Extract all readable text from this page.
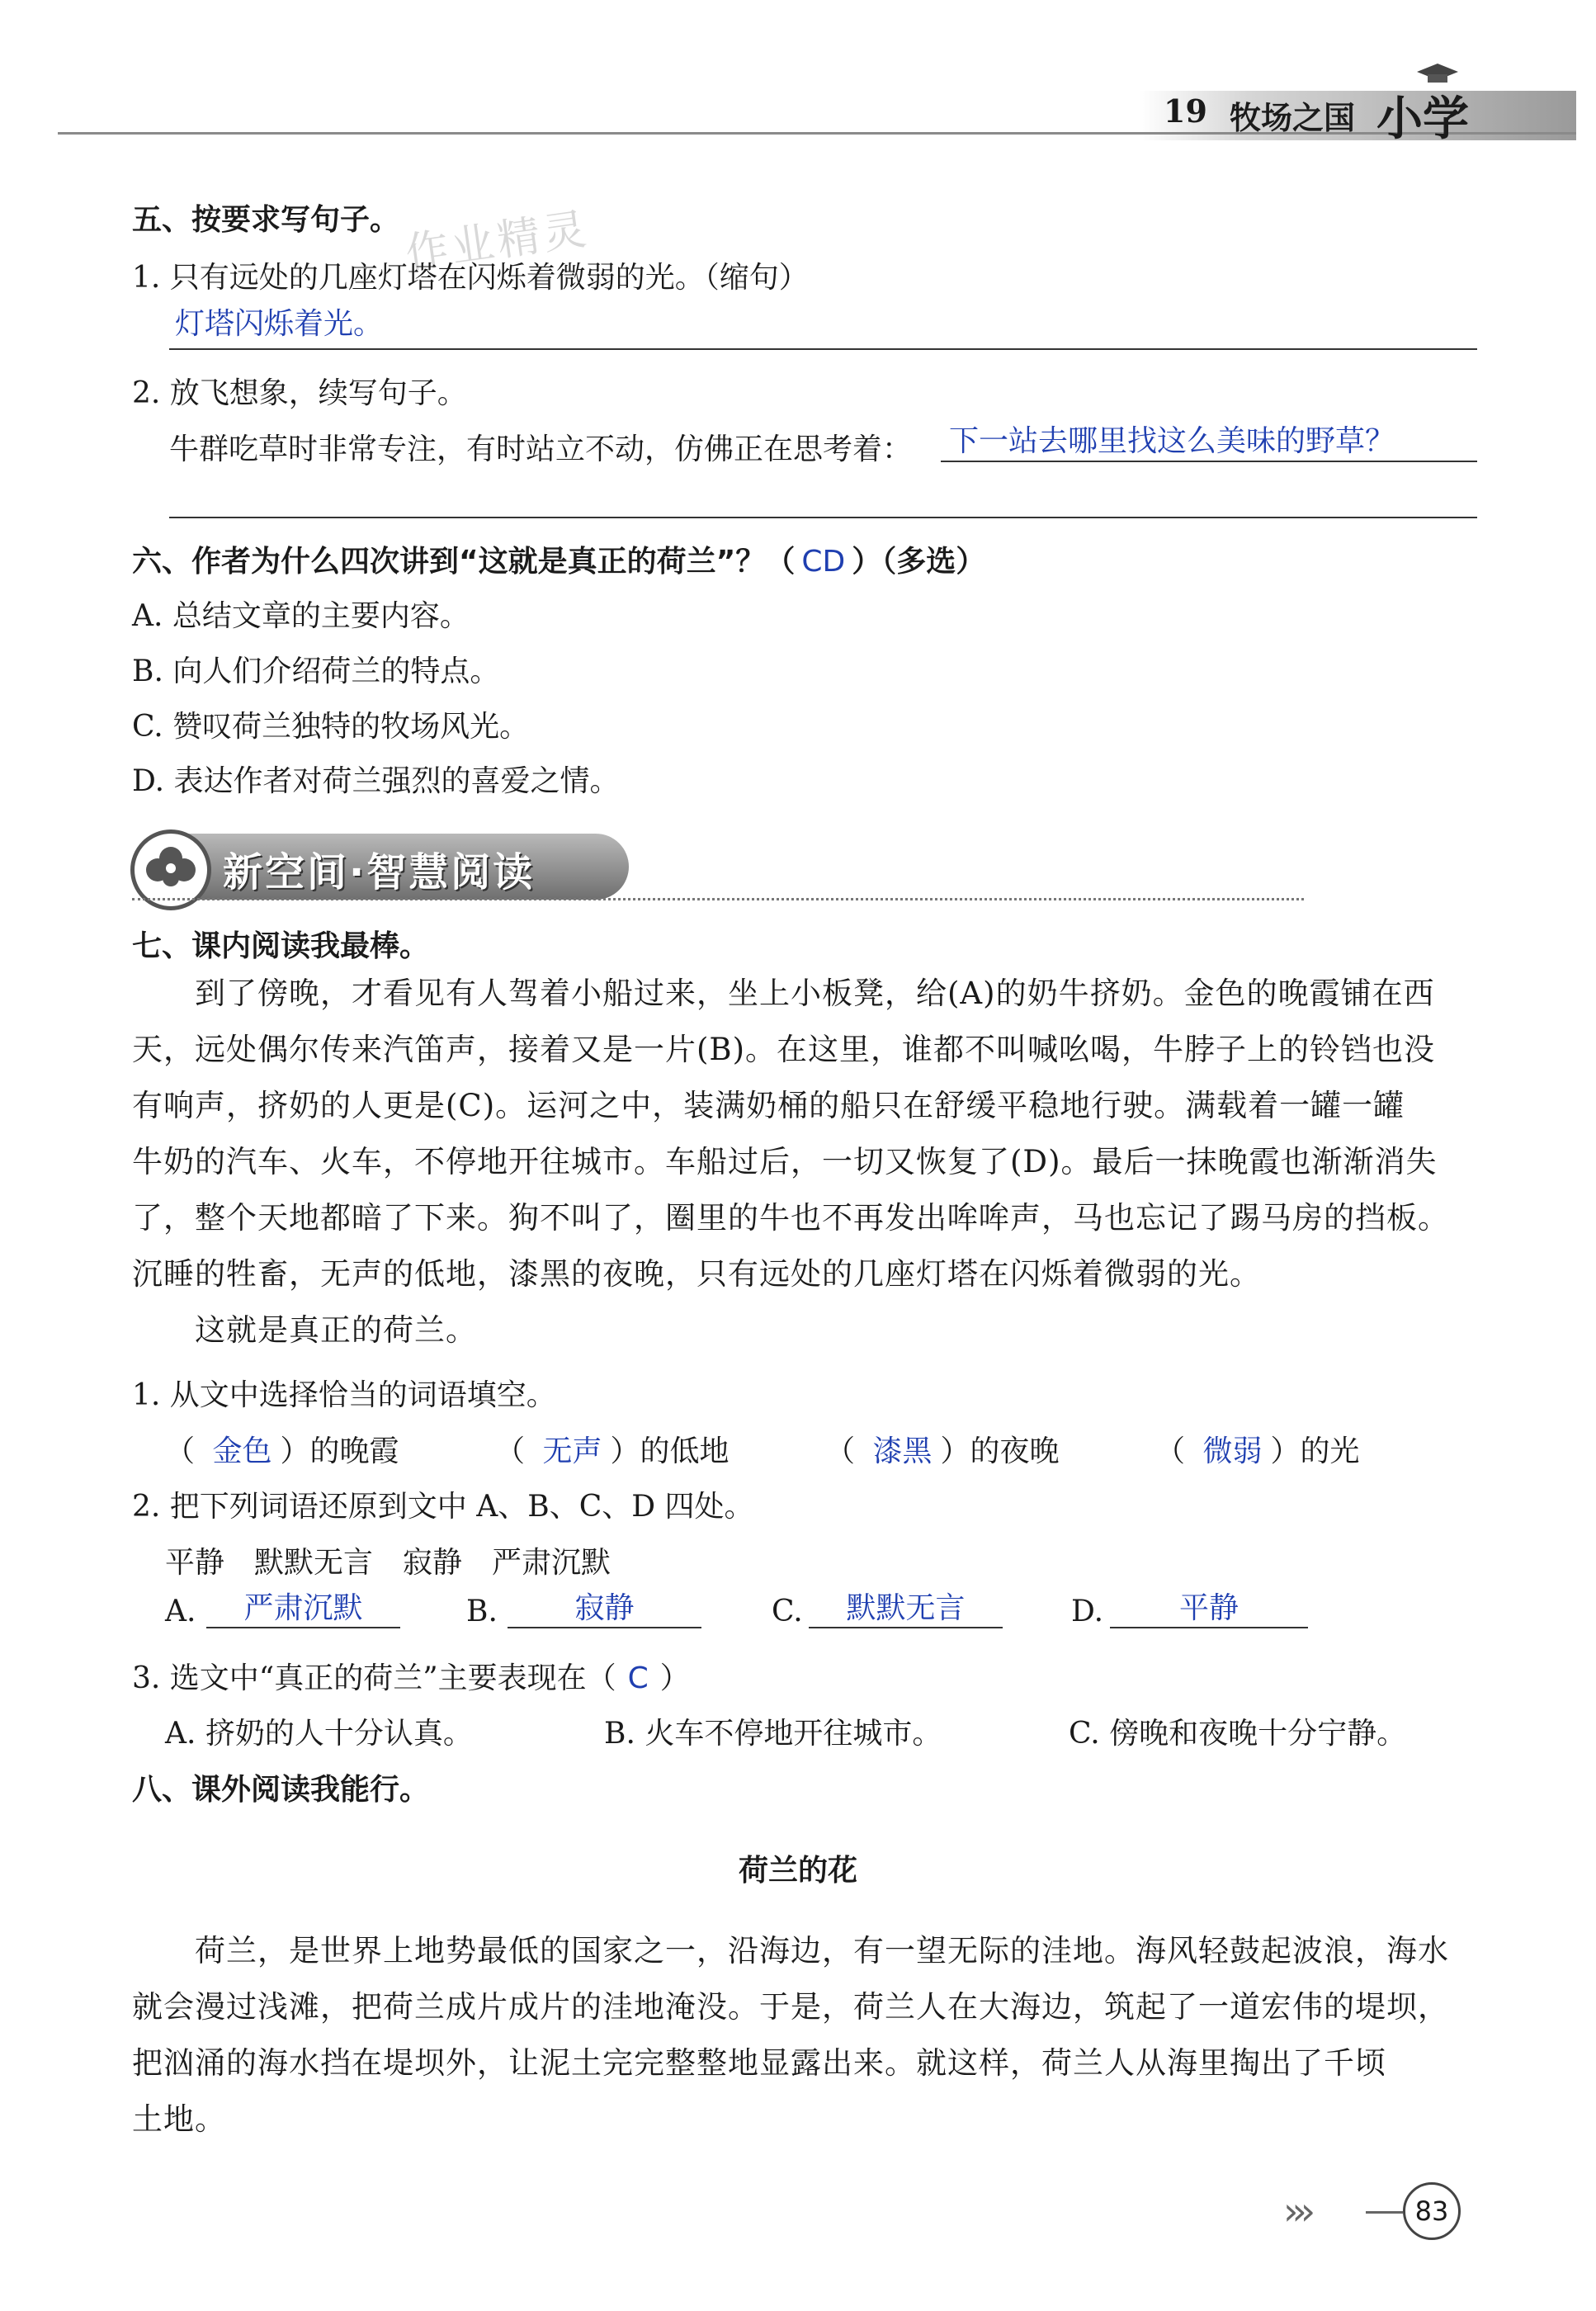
19 牧场之国 小学
作业精灵
五、按要求写句子。
1. 只有远处的几座灯塔在闪烁着微弱的光。（缩句）
灯塔闪烁着光。
2. 放飞想象，续写句子。
牛群吃草时非常专注，有时站立不动，仿佛正在思考着： 下一站去哪里找这么美味的野草？
六、作者为什么四次讲到“这就是真正的荷兰”？（ CD ）（多选）
A. 总结文章的主要内容。
B. 向人们介绍荷兰的特点。
C. 赞叹荷兰独特的牧场风光。
D. 表达作者对荷兰强烈的喜爱之情。
新空间·智慧阅读
七、课内阅读我最棒。
　　到了傍晚，才看见有人驾着小船过来，坐上小板凳，给(A)的奶牛挤奶。金色的晚霞铺在西
天，远处偶尔传来汽笛声，接着又是一片(B)。在这里，谁都不叫喊吆喝，牛脖子上的铃铛也没
有响声，挤奶的人更是(C)。运河之中，装满奶桶的船只在舒缓平稳地行驶。满载着一罐一罐
牛奶的汽车、火车，不停地开往城市。车船过后，一切又恢复了(D)。最后一抹晚霞也渐渐消失
了，整个天地都暗了下来。狗不叫了，圈里的牛也不再发出哞哞声，马也忘记了踢马房的挡板。
沉睡的牲畜，无声的低地，漆黑的夜晚，只有远处的几座灯塔在闪烁着微弱的光。
　　这就是真正的荷兰。
1. 从文中选择恰当的词语填空。
（ 金色 ）的晚霞	（ 无声 ）的低地	（ 漆黑 ）的夜晚	（ 微弱 ）的光
2. 把下列词语还原到文中 A、B、C、D 四处。
平静　默默无言　寂静　严肃沉默
A.	严肃沉默	B.	寂静	C.	默默无言	D.	平静
3. 选文中“真正的荷兰”主要表现在（ C ）
A. 挤奶的人十分认真。	B. 火车不停地开往城市。	C. 傍晚和夜晚十分宁静。
八、课外阅读我能行。
荷兰的花
　　荷兰，是世界上地势最低的国家之一，沿海边，有一望无际的洼地。海风轻鼓起波浪，海水
就会漫过浅滩，把荷兰成片成片的洼地淹没。于是，荷兰人在大海边，筑起了一道宏伟的堤坝，
把汹涌的海水挡在堤坝外，让泥土完完整整地显露出来。就这样，荷兰人从海里掏出了千顷
土地。
›››	83
